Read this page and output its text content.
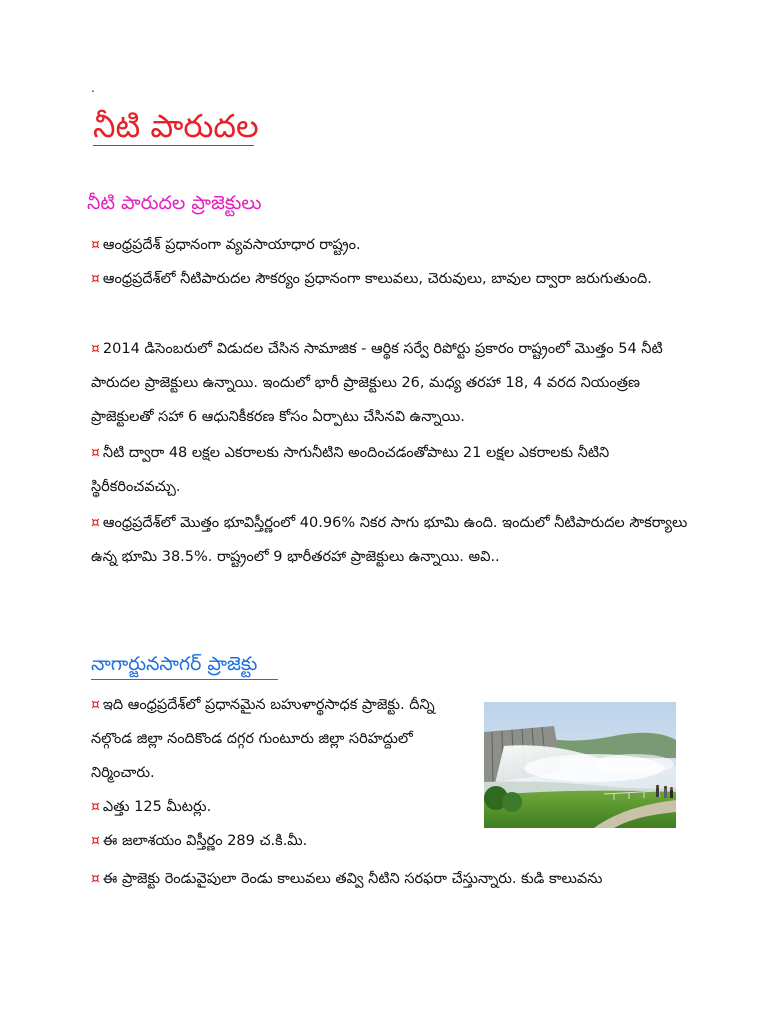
.
నీటి పారుదల
నీటి పారుదల ప్రాజెక్టులు

¤ ఆంధ్రప్రదేశ్ ప్రధానంగా వ్యవసాయాధార రాష్ట్రం.

¤ ఆంధ్రప్రదేశ్‌లో నీటిపారుదల సౌకర్యం ప్రధానంగా కాలువలు, చెరువులు, బావుల ద్వారా జరుగుతుంది.

¤ 2014 డిసెంబరులో విడుదల చేసిన సామాజిక - ఆర్థిక సర్వే రిపోర్టు ప్రకారం రాష్ట్రంలో మొత్తం 54 నీటి పారుదల ప్రాజెక్టులు ఉన్నాయి. ఇందులో భారీ ప్రాజెక్టులు 26, మధ్య తరహా 18, 4 వరద నియంత్రణ ప్రాజెక్టులతో సహా 6 ఆధునికీకరణ కోసం ఏర్పాటు చేసినవి ఉన్నాయి.

¤ నీటి ద్వారా 48 లక్షల ఎకరాలకు సాగునీటిని అందించడంతోపాటు 21 లక్షల ఎకరాలకు నీటిని స్థిరీకరించవచ్చు.

¤ ఆంధ్రప్రదేశ్‌లో మొత్తం భూవిస్తీర్ణంలో 40.96% నికర సాగు భూమి ఉంది. ఇందులో నీటిపారుదల సౌకర్యాలు ఉన్న భూమి 38.5%. రాష్ట్రంలో 9 భారీతరహా ప్రాజెక్టులు ఉన్నాయి. అవి..

నాగార్జునసాగర్ ప్రాజెక్టు

¤ ఇది ఆంధ్రప్రదేశ్‌లో ప్రధానమైన బహుళార్థసాధక ప్రాజెక్టు. దీన్ని నల్గొండ జిల్లా నందికొండ దగ్గర గుంటూరు జిల్లా సరిహద్దులో నిర్మించారు.

¤ ఎత్తు 125 మీటర్లు.

¤ ఈ జలాశయం విస్తీర్ణం 289 చ.కి.మీ.

¤ ఈ ప్రాజెక్టు రెండువైపులా రెండు కాలువలు తవ్వి నీటిని సరఫరా చేస్తున్నారు. కుడి కాలువను
